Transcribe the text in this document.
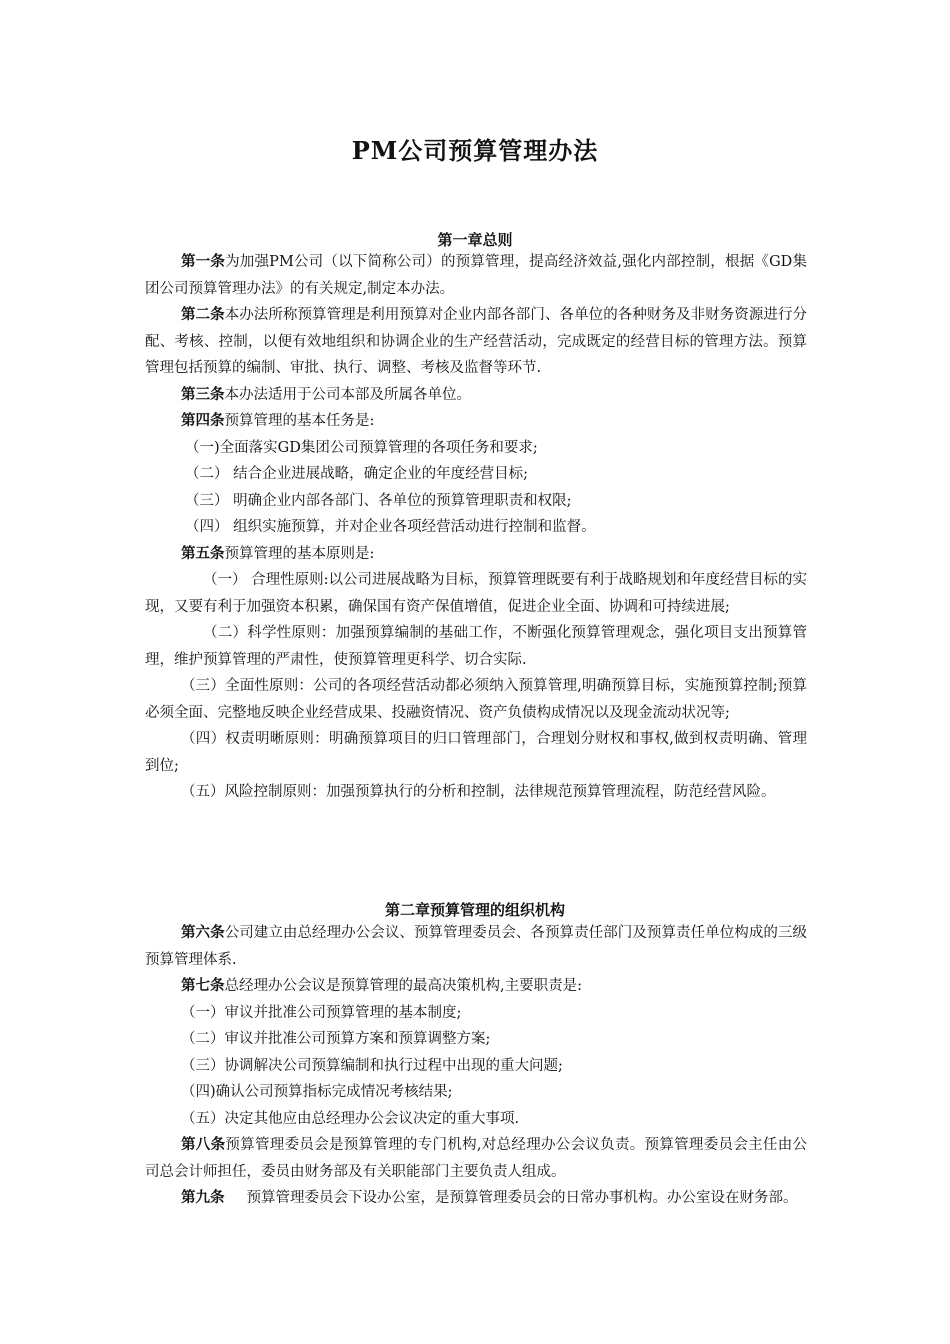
PM公司预算管理办法
第一章总则

第一条为加强PM公司（以下简称公司）的预算管理，提高经济效益,强化内部控制，根据《GD集团公司预算管理办法》的有关规定,制定本办法。

第二条本办法所称预算管理是利用预算对企业内部各部门、各单位的各种财务及非财务资源进行分配、考核、控制，以便有效地组织和协调企业的生产经营活动，完成既定的经营目标的管理方法。预算管理包括预算的编制、审批、执行、调整、考核及监督等环节.

第三条本办法适用于公司本部及所属各单位。

第四条预算管理的基本任务是:

（一)全面落实GD集团公司预算管理的各项任务和要求;

（二） 结合企业进展战略，确定企业的年度经营目标;

（三） 明确企业内部各部门、各单位的预算管理职责和权限;

（四） 组织实施预算，并对企业各项经营活动进行控制和监督。

第五条预算管理的基本原则是:

（一） 合理性原则:以公司进展战略为目标，预算管理既要有利于战略规划和年度经营目标的实现，又要有利于加强资本积累，确保国有资产保值增值，促进企业全面、协调和可持续进展;

（二）科学性原则：加强预算编制的基础工作，不断强化预算管理观念，强化项目支出预算管理，维护预算管理的严肃性，使预算管理更科学、切合实际.

（三）全面性原则：公司的各项经营活动都必须纳入预算管理,明确预算目标，实施预算控制;预算必须全面、完整地反映企业经营成果、投融资情况、资产负债构成情况以及现金流动状况等;

（四）权责明晰原则：明确预算项目的归口管理部门，合理划分财权和事权,做到权责明确、管理到位;

（五）风险控制原则：加强预算执行的分析和控制，法律规范预算管理流程，防范经营风险。

第二章预算管理的组织机构

第六条公司建立由总经理办公会议、预算管理委员会、各预算责任部门及预算责任单位构成的三级预算管理体系.

第七条总经理办公会议是预算管理的最高决策机构,主要职责是:

（一）审议并批准公司预算管理的基本制度;

（二）审议并批准公司预算方案和预算调整方案;

（三）协调解决公司预算编制和执行过程中出现的重大问题;

（四)确认公司预算指标完成情况考核结果;

（五）决定其他应由总经理办公会议决定的重大事项.

第八条预算管理委员会是预算管理的专门机构,对总经理办公会议负责。预算管理委员会主任由公司总会计师担任，委员由财务部及有关职能部门主要负责人组成。

第九条 预算管理委员会下设办公室，是预算管理委员会的日常办事机构。办公室设在财务部。
